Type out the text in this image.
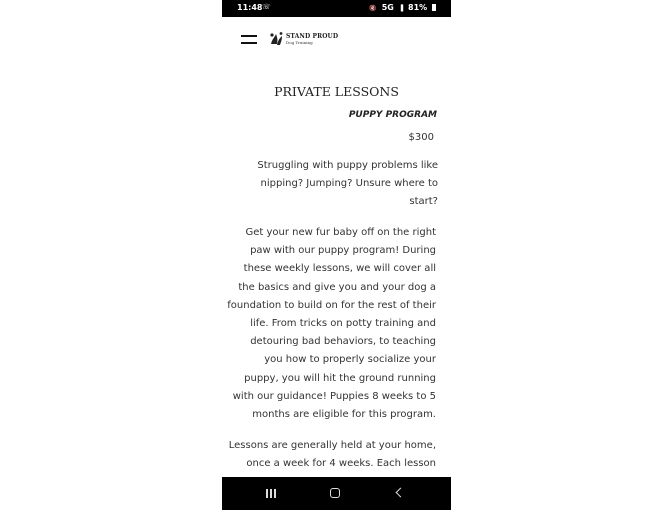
11:48 ☏	🔇 5G ▐ 81%
STAND PROUD
Dog Training
PRIVATE LESSONS
PUPPY PROGRAM
$300

Struggling with puppy problems like
nipping? Jumping? Unsure where to
start?

Get your new fur baby off on the right
paw with our puppy program! During
these weekly lessons, we will cover all
the basics and give you and your dog a
foundation to build on for the rest of their
life. From tricks on potty training and
detouring bad behaviors, to teaching
you how to properly socialize your
puppy, you will hit the ground running
with our guidance! Puppies 8 weeks to 5
months are eligible for this program.

Lessons are generally held at your home,
once a week for 4 weeks. Each lesson
